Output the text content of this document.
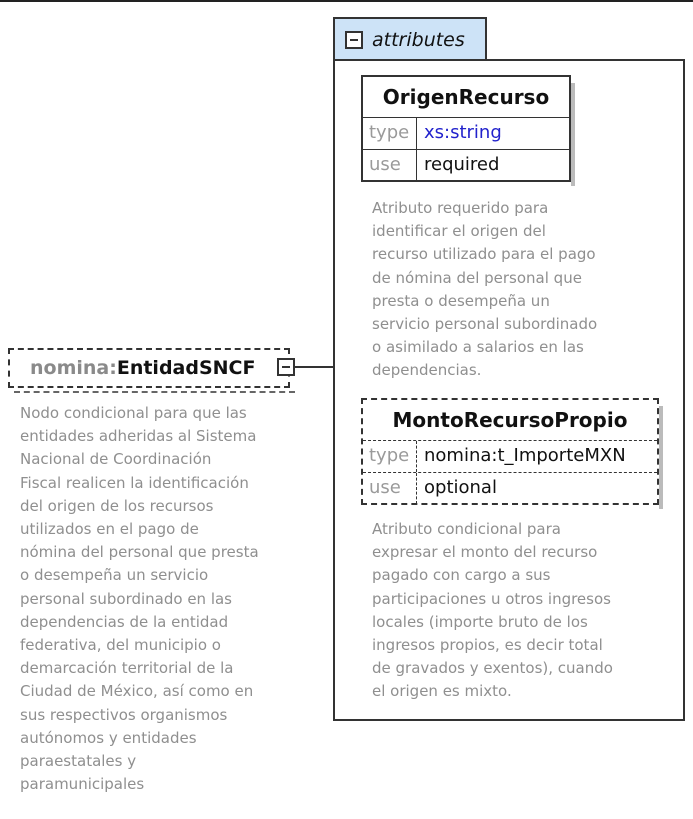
nomina:EntidadSNCF
Nodo condicional para que las
entidades adheridas al Sistema
Nacional de Coordinación
Fiscal realicen la identificación
del origen de los recursos
utilizados en el pago de
nómina del personal que presta
o desempeña un servicio
personal subordinado en las
dependencias de la entidad
federativa, del municipio o
demarcación territorial de la
Ciudad de México, así como en
sus respectivos organismos
autónomos y entidades
paraestatales y
paramunicipales
attributes
OrigenRecurso
type xs:string
use	required
Atributo requerido para
identificar el origen del
recurso utilizado para el pago
de nómina del personal que
presta o desempeña un
servicio personal subordinado
o asimilado a salarios en las
dependencias.
MontoRecursoPropio
type nomina:t_ImporteMXN
use	optional
Atributo condicional para
expresar el monto del recurso
pagado con cargo a sus
participaciones u otros ingresos
locales (importe bruto de los
ingresos propios, es decir total
de gravados y exentos), cuando
el origen es mixto.
